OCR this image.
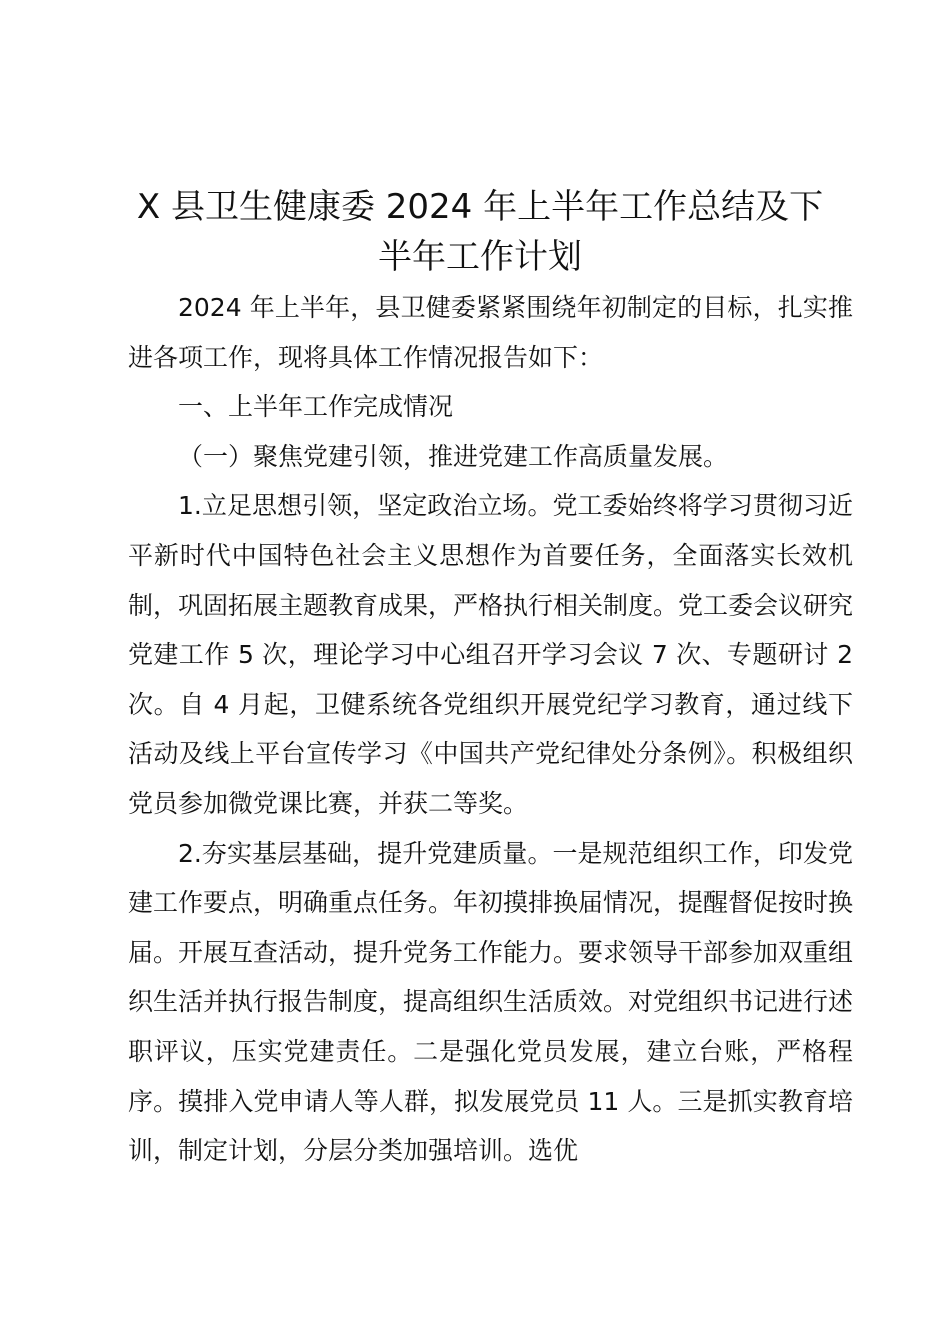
X 县卫生健康委 2024 年上半年工作总结及下
半年工作计划

2024 年上半年，县卫健委紧紧围绕年初制定的目标，扎实推进各项工作，现将具体工作情况报告如下：

一、上半年工作完成情况

（一）聚焦党建引领，推进党建工作高质量发展。

1.立足思想引领，坚定政治立场。党工委始终将学习贯彻习近平新时代中国特色社会主义思想作为首要任务，全面落实长效机制，巩固拓展主题教育成果，严格执行相关制度。党工委会议研究党建工作 5 次，理论学习中心组召开学习会议 7 次、专题研讨 2 次。自 4 月起，卫健系统各党组织开展党纪学习教育，通过线下活动及线上平台宣传学习《中国共产党纪律处分条例》。积极组织党员参加微党课比赛，并获二等奖。

2.夯实基层基础，提升党建质量。一是规范组织工作，印发党建工作要点，明确重点任务。年初摸排换届情况，提醒督促按时换届。开展互查活动，提升党务工作能力。要求领导干部参加双重组织生活并执行报告制度，提高组织生活质效。对党组织书记进行述职评议，压实党建责任。二是强化党员发展，建立台账，严格程序。摸排入党申请人等人群，拟发展党员 11 人。三是抓实教育培训，制定计划，分层分类加强培训。选优
